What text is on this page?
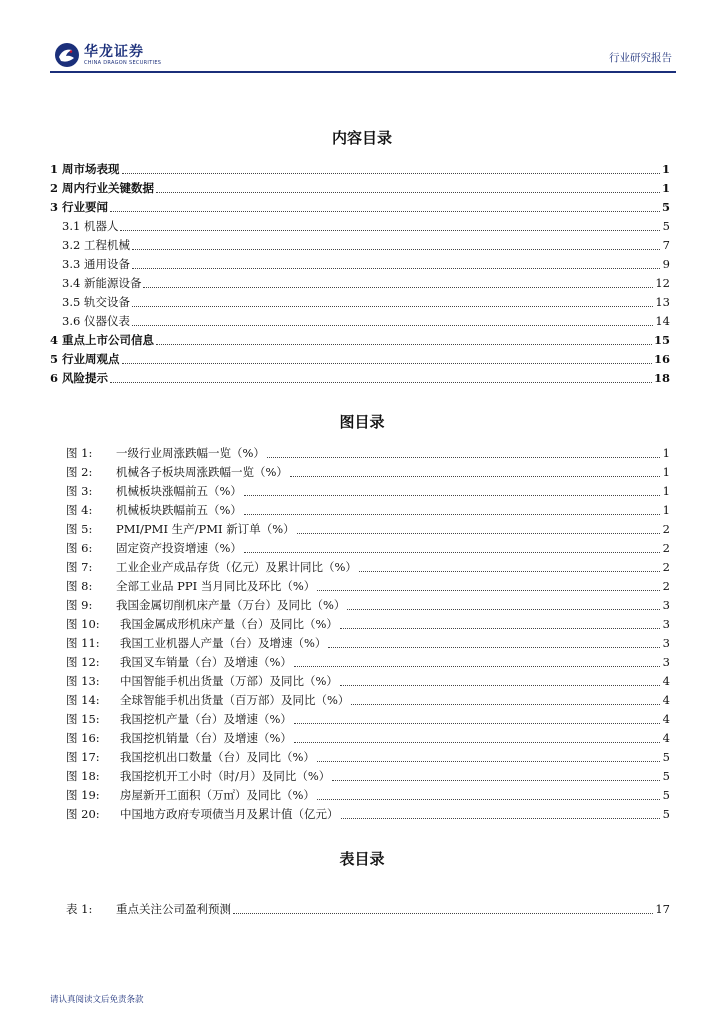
华龙证券
CHINA DRAGON SECURITIES	行业研究报告
内容目录
1 周市场表现	1
2 周内行业关键数据	1
3 行业要闻	5
3.1 机器人	5
3.2 工程机械	7
3.3 通用设备	9
3.4 新能源设备	12
3.5 轨交设备	13
3.6 仪器仪表	14
4 重点上市公司信息	15
5 行业周观点	16
6 风险提示	18
图目录
图 1:	一级行业周涨跌幅一览（%）	1
图 2:	机械各子板块周涨跌幅一览（%）	1
图 3:	机械板块涨幅前五（%）	1
图 4:	机械板块跌幅前五（%）	1
图 5:	PMI/PMI 生产/PMI 新订单（%）	2
图 6:	固定资产投资增速（%）	2
图 7:	工业企业产成品存货（亿元）及累计同比（%）	2
图 8:	全部工业品 PPI 当月同比及环比（%）	2
图 9:	我国金属切削机床产量（万台）及同比（%）	3
图 10:	我国金属成形机床产量（台）及同比（%）	3
图 11:	我国工业机器人产量（台）及增速（%）	3
图 12:	我国叉车销量（台）及增速（%）	3
图 13:	中国智能手机出货量（万部）及同比（%）	4
图 14:	全球智能手机出货量（百万部）及同比（%）	4
图 15:	我国挖机产量（台）及增速（%）	4
图 16:	我国挖机销量（台）及增速（%）	4
图 17:	我国挖机出口数量（台）及同比（%）	5
图 18:	我国挖机开工小时（时/月）及同比（%）	5
图 19:	房屋新开工面积（万㎡）及同比（%）	5
图 20:	中国地方政府专项债当月及累计值（亿元）	5
表目录
表 1:	重点关注公司盈利预测	17
请认真阅读文后免责条款
